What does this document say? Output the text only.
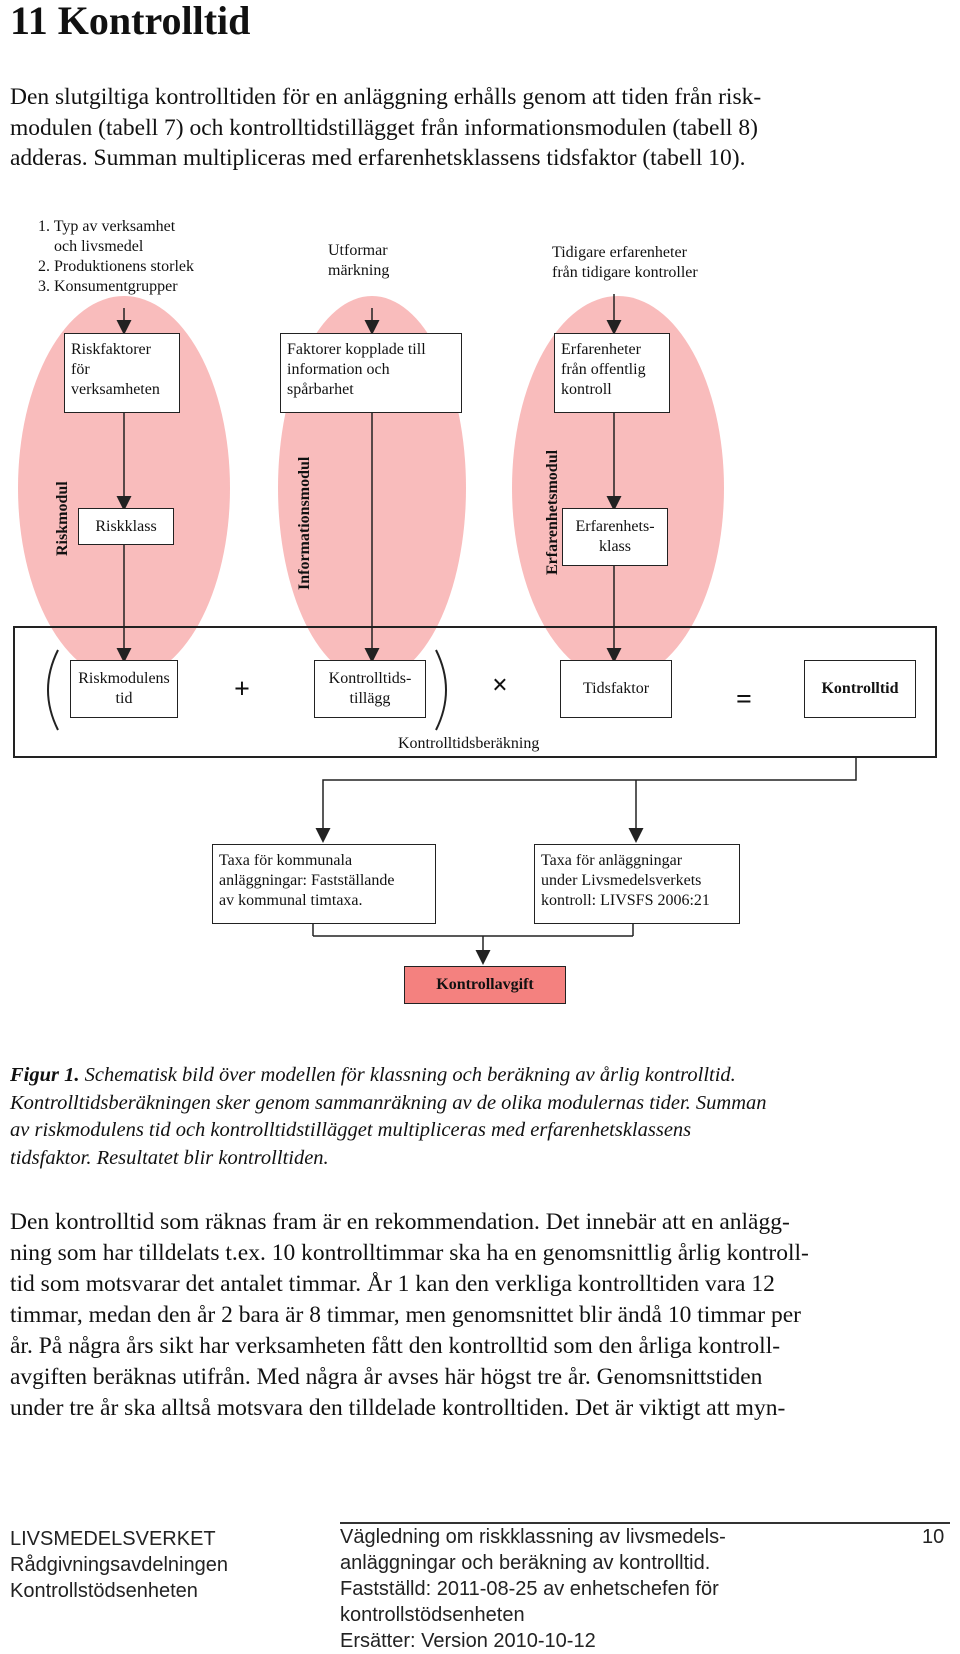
11 Kontrolltid
Den slutgiltiga kontrolltiden för en anläggning erhålls genom att tiden från risk-
modulen (tabell 7) och kontrolltidstillägget från informationsmodulen (tabell 8)
adderas. Summan multipliceras med erfarenhetsklassens tidsfaktor (tabell 10).
1. Typ av verksamhet
och livsmedel
2. Produktionens storlek
3. Konsumentgrupper
Utformar
märkning
Tidigare erfarenheter
från tidigare kontroller
Riskfaktorer
för
verksamheten
Faktorer kopplade till
information och
spårbarhet
Erfarenheter
från offentlig
kontroll
Riskklass	Erfarenhets-
klass
Riskmodul	Informationsmodul	Erfarenhetsmodul
Riskmodulens
tid
Kontrolltids-
tillägg
Tidsfaktor	Kontrolltid
+	×	=
Kontrolltidsberäkning
Taxa för kommunala
anläggningar: Fastställande
av kommunal timtaxa.
Taxa för anläggningar
under Livsmedelsverkets
kontroll: LIVSFS 2006:21
Kontrollavgift
Figur 1. Schematisk bild över modellen för klassning och beräkning av årlig kontrolltid.
Kontrolltidsberäkningen sker genom sammanräkning av de olika modulernas tider. Summan
av riskmodulens tid och kontrolltidstillägget multipliceras med erfarenhetsklassens
tidsfaktor. Resultatet blir kontrolltiden.
Den kontrolltid som räknas fram är en rekommendation. Det innebär att en anlägg-
ning som har tilldelats t.ex. 10 kontrolltimmar ska ha en genomsnittlig årlig kontroll-
tid som motsvarar det antalet timmar. År 1 kan den verkliga kontrolltiden vara 12
timmar, medan den år 2 bara är 8 timmar, men genomsnittet blir ändå 10 timmar per
år. På några års sikt har verksamheten fått den kontrolltid som den årliga kontroll-
avgiften beräknas utifrån. Med några år avses här högst tre år. Genomsnittstiden
under tre år ska alltså motsvara den tilldelade kontrolltiden. Det är viktigt att myn-
LIVSMEDELSVERKET
Rådgivningsavdelningen
Kontrollstödsenheten
Vägledning om riskklassning av livsmedels-
anläggningar och beräkning av kontrolltid.
Fastställd: 2011-08-25 av enhetschefen för
kontrollstödsenheten
Ersätter: Version 2010-10-12
10
